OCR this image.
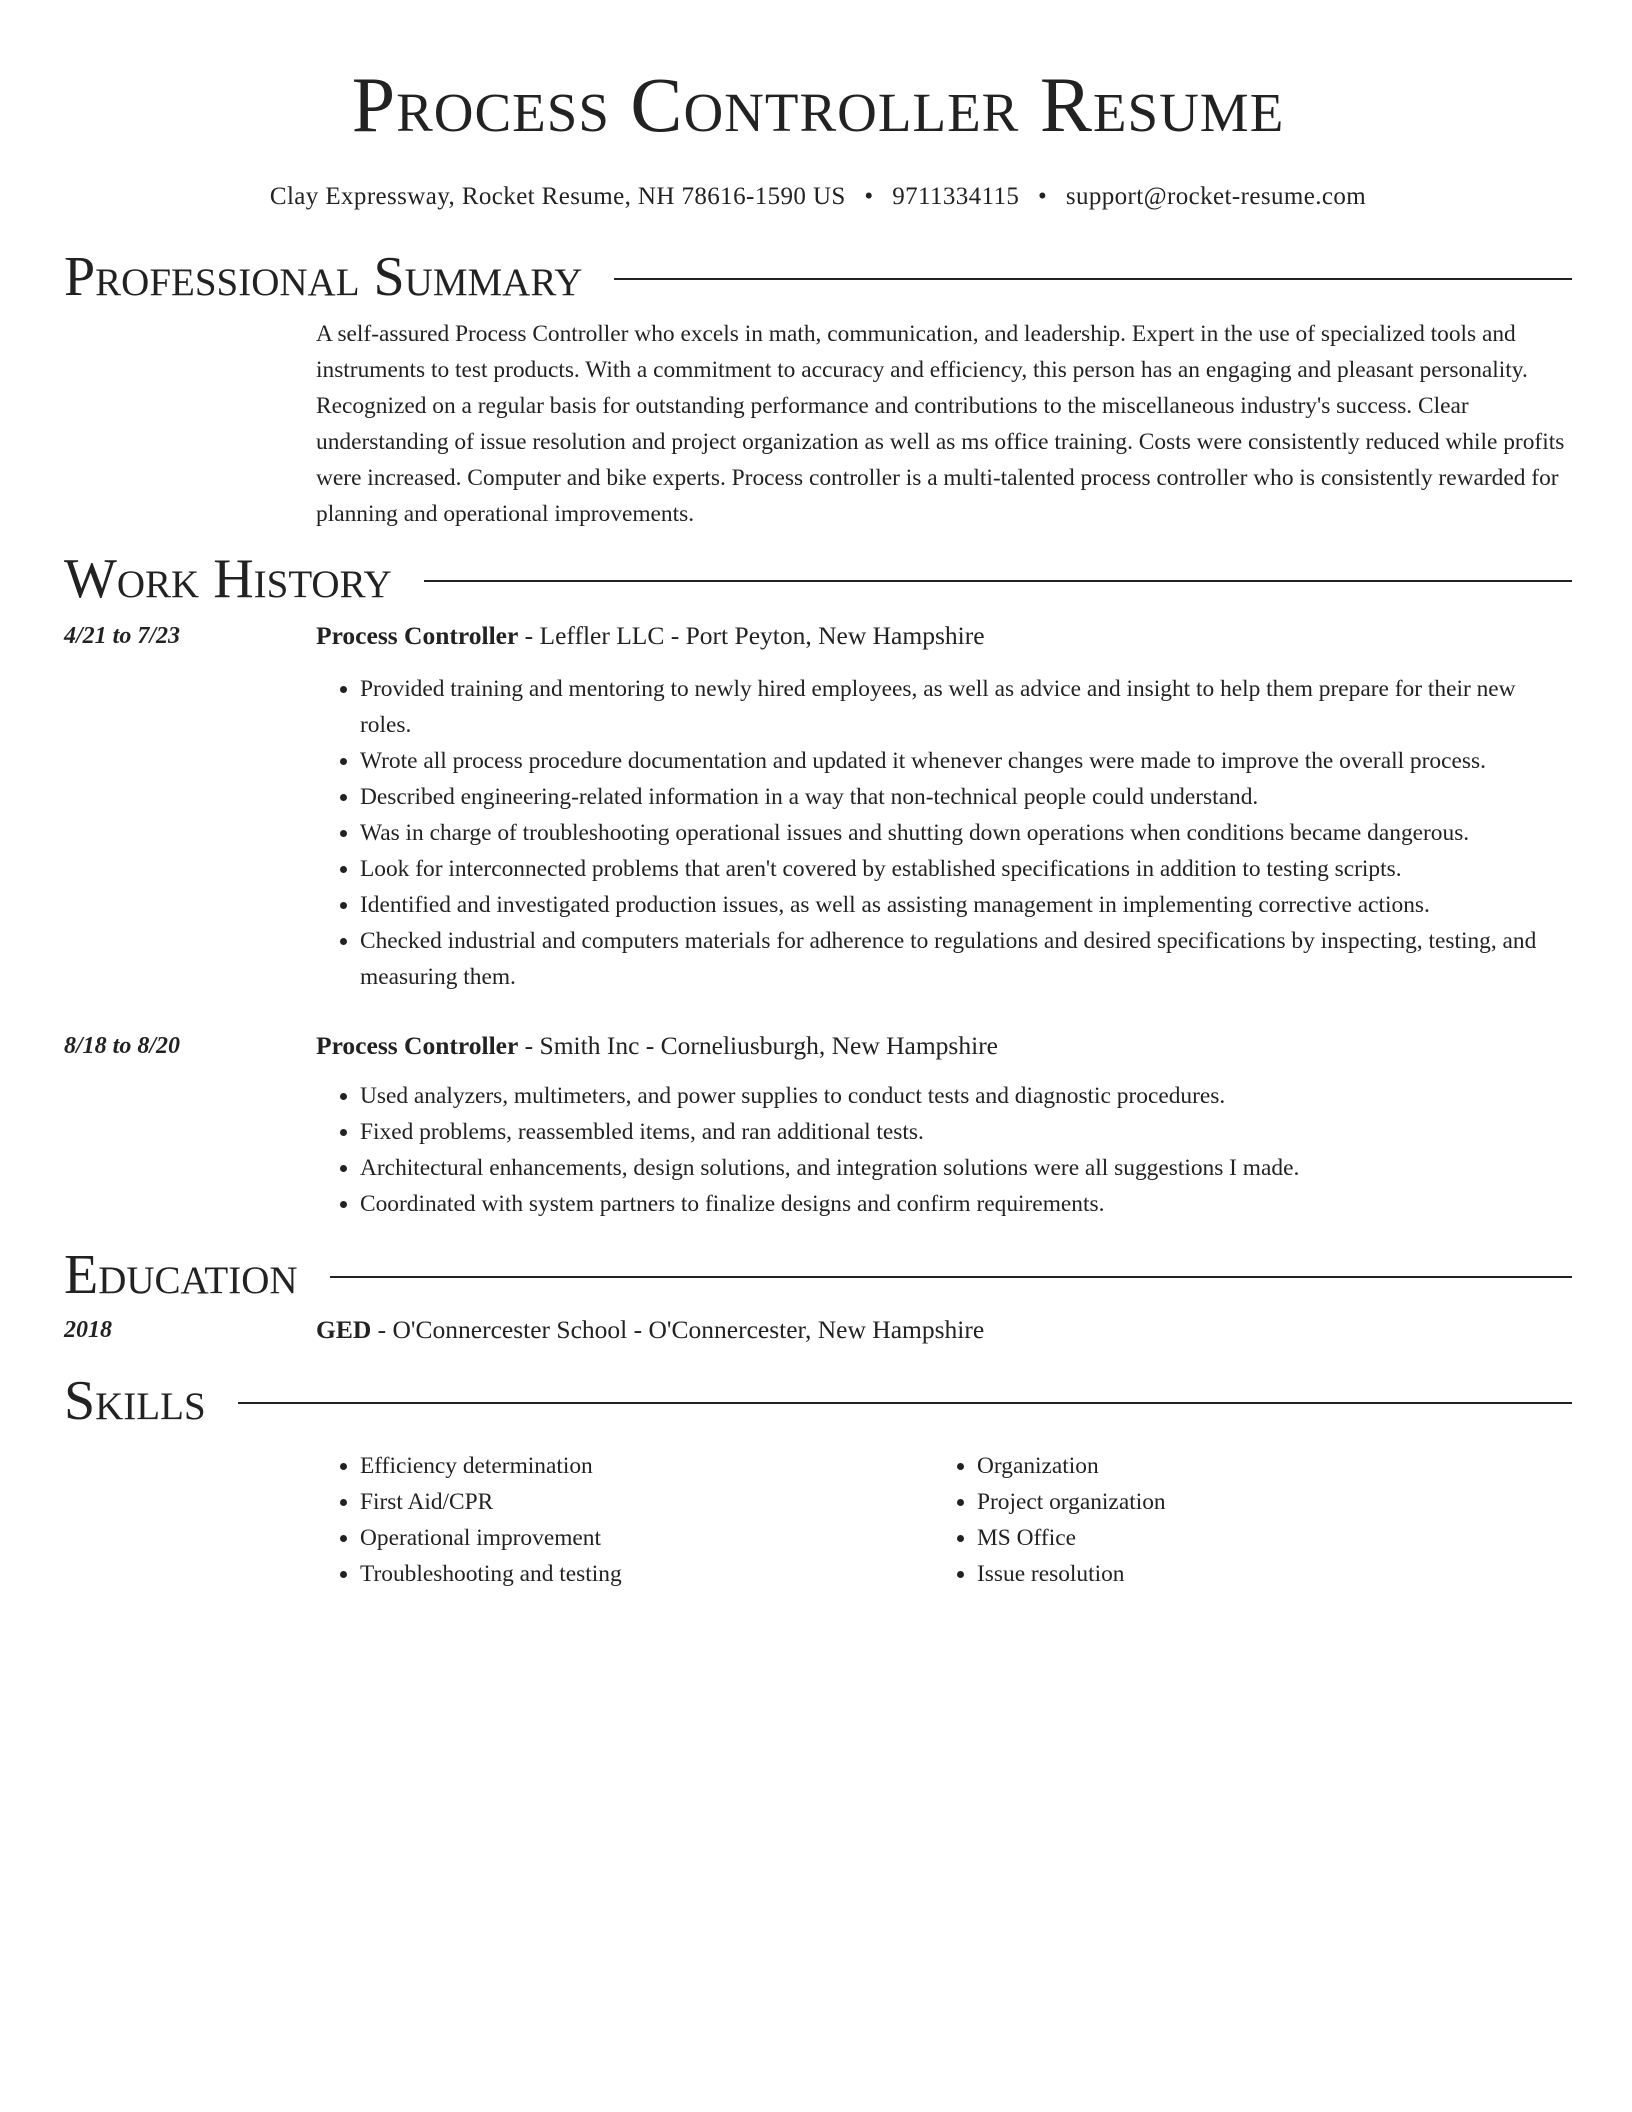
Process Controller Resume
Clay Expressway, Rocket Resume, NH 78616-1590 US • 9711334115 • support@rocket-resume.com
Professional Summary
A self-assured Process Controller who excels in math, communication, and leadership. Expert in the use of specialized tools and instruments to test products. With a commitment to accuracy and efficiency, this person has an engaging and pleasant personality. Recognized on a regular basis for outstanding performance and contributions to the miscellaneous industry's success. Clear understanding of issue resolution and project organization as well as ms office training. Costs were consistently reduced while profits were increased. Computer and bike experts. Process controller is a multi-talented process controller who is consistently rewarded for planning and operational improvements.
Work History
4/21 to 7/23	Process Controller - Leffler LLC - Port Peyton, New Hampshire
• Provided training and mentoring to newly hired employees, as well as advice and insight to help them prepare for their new roles.
• Wrote all process procedure documentation and updated it whenever changes were made to improve the overall process.
• Described engineering-related information in a way that non-technical people could understand.
• Was in charge of troubleshooting operational issues and shutting down operations when conditions became dangerous.
• Look for interconnected problems that aren't covered by established specifications in addition to testing scripts.
• Identified and investigated production issues, as well as assisting management in implementing corrective actions.
• Checked industrial and computers materials for adherence to regulations and desired specifications by inspecting, testing, and measuring them.
8/18 to 8/20	Process Controller - Smith Inc - Corneliusburgh, New Hampshire
• Used analyzers, multimeters, and power supplies to conduct tests and diagnostic procedures.
• Fixed problems, reassembled items, and ran additional tests.
• Architectural enhancements, design solutions, and integration solutions were all suggestions I made.
• Coordinated with system partners to finalize designs and confirm requirements.
Education
2018	GED - O'Connercester School - O'Connercester, New Hampshire
Skills
• Efficiency determination
• First Aid/CPR
• Operational improvement
• Troubleshooting and testing
• Organization
• Project organization
• MS Office
• Issue resolution
